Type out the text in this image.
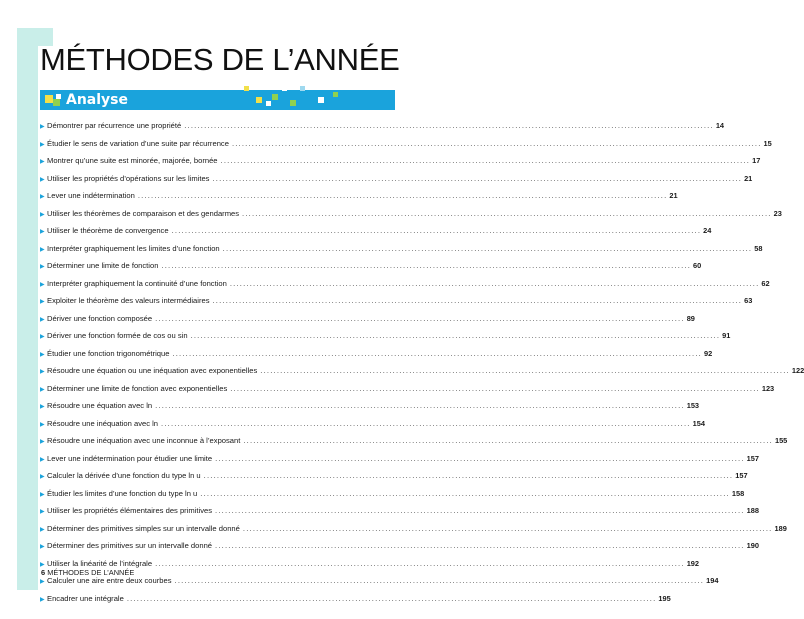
MÉTHODES DE L’ANNÉE
Analyse
▶ Démontrer par récurrence une propriété ................................................................................................................................................................ 14
▶ Étudier le sens de variation d’une suite par récurrence ................................................................................................................................................................ 15
▶ Montrer qu’une suite est minorée, majorée, bornée ................................................................................................................................................................ 17
▶ Utiliser les propriétés d’opérations sur les limites ................................................................................................................................................................ 21
▶ Lever une indétermination ................................................................................................................................................................ 21
▶ Utiliser les théorèmes de comparaison et des gendarmes ................................................................................................................................................................ 23
▶ Utiliser le théorème de convergence ................................................................................................................................................................ 24
▶ Interpréter graphiquement les limites d’une fonction ................................................................................................................................................................ 58
▶ Déterminer une limite de fonction ................................................................................................................................................................ 60
▶ Interpréter graphiquement la continuité d’une fonction ................................................................................................................................................................ 62
▶ Exploiter le théorème des valeurs intermédiaires ................................................................................................................................................................ 63
▶ Dériver une fonction composée ................................................................................................................................................................ 89
▶ Dériver une fonction formée de cos ou sin ................................................................................................................................................................ 91
▶ Étudier une fonction trigonométrique ................................................................................................................................................................ 92
▶ Résoudre une équation ou une inéquation avec exponentielles ................................................................................................................................................................ 122
▶ Déterminer une limite de fonction avec exponentielles ................................................................................................................................................................ 123
▶ Résoudre une équation avec ln ................................................................................................................................................................ 153
▶ Résoudre une inéquation avec ln ................................................................................................................................................................ 154
▶ Résoudre une inéquation avec une inconnue à l’exposant ................................................................................................................................................................ 155
▶ Lever une indétermination pour étudier une limite ................................................................................................................................................................ 157
▶ Calculer la dérivée d’une fonction du type ln u ................................................................................................................................................................ 157
▶ Étudier les limites d’une fonction du type ln u ................................................................................................................................................................ 158
▶ Utiliser les propriétés élémentaires des primitives ................................................................................................................................................................ 188
▶ Déterminer des primitives simples sur un intervalle donné ................................................................................................................................................................ 189
▶ Déterminer des primitives sur un intervalle donné ................................................................................................................................................................ 190
▶ Utiliser la linéarité de l’intégrale ................................................................................................................................................................ 192
▶ Calculer une aire entre deux courbes ................................................................................................................................................................ 194
▶ Encadrer une intégrale ................................................................................................................................................................ 195
6 MÉTHODES DE L’ANNÉE
